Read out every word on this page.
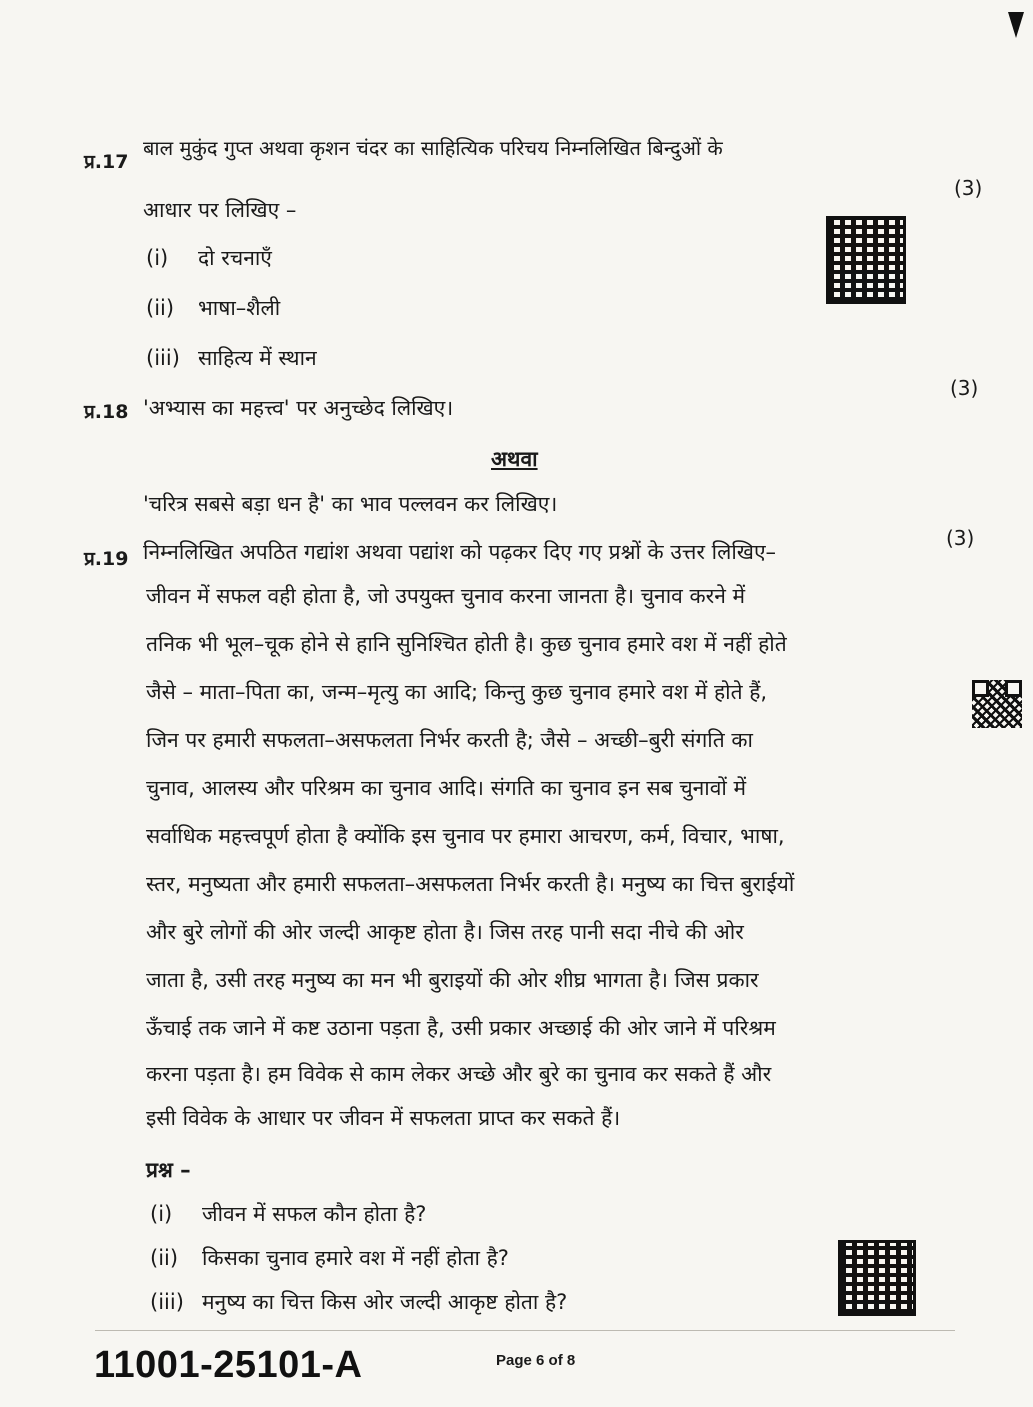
प्र.17
बाल मुकुंद गुप्त अथवा कृशन चंदर का साहित्यिक परिचय निम्नलिखित बिन्दुओं के
(3)
आधार पर लिखिए –
(i) दो रचनाएँ
(ii) भाषा–शैली
(iii) साहित्य में स्थान
प्र.18 'अभ्यास का महत्त्व' पर अनुच्छेद लिखिए।
(3)
अथवा
'चरित्र सबसे बड़ा धन है' का भाव पल्लवन कर लिखिए।
प्र.19 निम्नलिखित अपठित गद्यांश अथवा पद्यांश को पढ़कर दिए गए प्रश्नों के उत्तर लिखिए–
(3)
जीवन में सफल वही होता है, जो उपयुक्त चुनाव करना जानता है। चुनाव करने में
तनिक भी भूल–चूक होने से हानि सुनिश्चित होती है। कुछ चुनाव हमारे वश में नहीं होते
जैसे – माता–पिता का, जन्म–मृत्यु का आदि; किन्तु कुछ चुनाव हमारे वश में होते हैं,
जिन पर हमारी सफलता–असफलता निर्भर करती है; जैसे – अच्छी–बुरी संगति का
चुनाव, आलस्य और परिश्रम का चुनाव आदि। संगति का चुनाव इन सब चुनावों में
सर्वाधिक महत्त्वपूर्ण होता है क्योंकि इस चुनाव पर हमारा आचरण, कर्म, विचार, भाषा,
स्तर, मनुष्यता और हमारी सफलता–असफलता निर्भर करती है। मनुष्य का चित्त बुराईयों
और बुरे लोगों की ओर जल्दी आकृष्ट होता है। जिस तरह पानी सदा नीचे की ओर
जाता है, उसी तरह मनुष्य का मन भी बुराइयों की ओर शीघ्र भागता है। जिस प्रकार
ऊँचाई तक जाने में कष्ट उठाना पड़ता है, उसी प्रकार अच्छाई की ओर जाने में परिश्रम
करना पड़ता है। हम विवेक से काम लेकर अच्छे और बुरे का चुनाव कर सकते हैं और
इसी विवेक के आधार पर जीवन में सफलता प्राप्त कर सकते हैं।
प्रश्न –
(i) जीवन में सफल कौन होता है?
(ii) किसका चुनाव हमारे वश में नहीं होता है?
(iii) मनुष्य का चित्त किस ओर जल्दी आकृष्ट होता है?
11001-25101-A	Page 6 of 8
